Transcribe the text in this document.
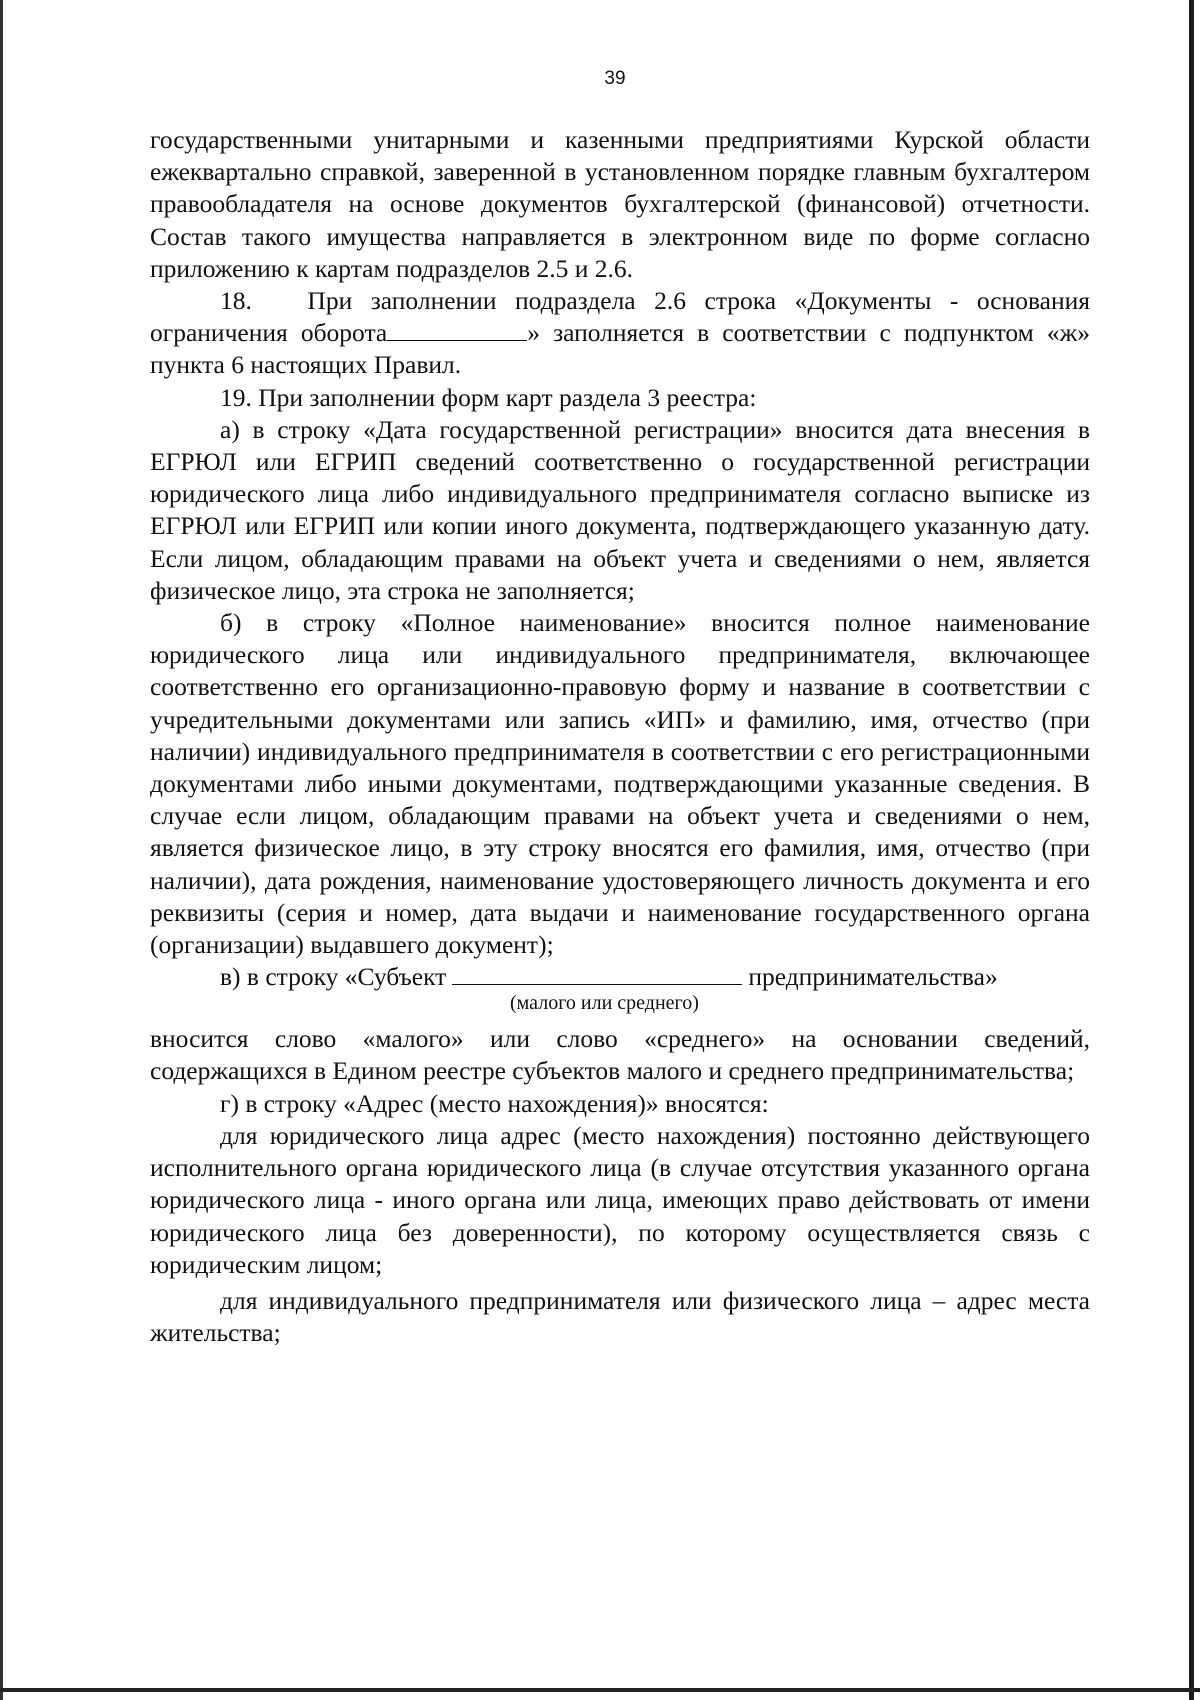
39

государственными унитарными и казенными предприятиями Курской области ежеквартально справкой, заверенной в установленном порядке главным бухгалтером правообладателя на основе документов бухгалтерской (финансовой) отчетности. Состав такого имущества направляется в электронном виде по форме согласно приложению к картам подразделов 2.5 и 2.6.

18.   При заполнении подраздела 2.6 строка «Документы - основания ограничения оборота	» заполняется в соответствии с подпунктом «ж» пункта 6 настоящих Правил.

19. При заполнении форм карт раздела 3 реестра:

а) в строку «Дата государственной регистрации» вносится дата внесения в ЕГРЮЛ или ЕГРИП сведений соответственно о государственной регистрации юридического лица либо индивидуального предпринимателя согласно выписке из ЕГРЮЛ или ЕГРИП или копии иного документа, подтверждающего указанную дату. Если лицом, обладающим правами на объект учета и сведениями о нем, является физическое лицо, эта строка не заполняется;

б) в строку «Полное наименование» вносится полное наименование юридического лица или индивидуального предпринимателя, включающее соответственно его организационно-правовую форму и название в соответствии с учредительными документами или запись «ИП» и фамилию, имя, отчество (при наличии) индивидуального предпринимателя в соответствии с его регистрационными документами либо иными документами, подтверждающими указанные сведения. В случае если лицом, обладающим правами на объект учета и сведениями о нем, является физическое лицо, в эту строку вносятся его фамилия, имя, отчество (при наличии), дата рождения, наименование удостоверяющего личность документа и его реквизиты (серия и номер, дата выдачи и наименование государственного органа (организации) выдавшего документ);

в) в строку «Субъект	предпринимательства»

(малого или среднего)

вносится слово «малого» или слово «среднего» на основании сведений, содержащихся в Едином реестре субъектов малого и среднего предпринимательства;

г) в строку «Адрес (место нахождения)» вносятся:

для юридического лица адрес (место нахождения) постоянно действующего исполнительного органа юридического лица (в случае отсутствия указанного органа юридического лица - иного органа или лица, имеющих право действовать от имени юридического лица без доверенности), по которому осуществляется связь с юридическим лицом;

для индивидуального предпринимателя или физического лица – адрес места жительства;
